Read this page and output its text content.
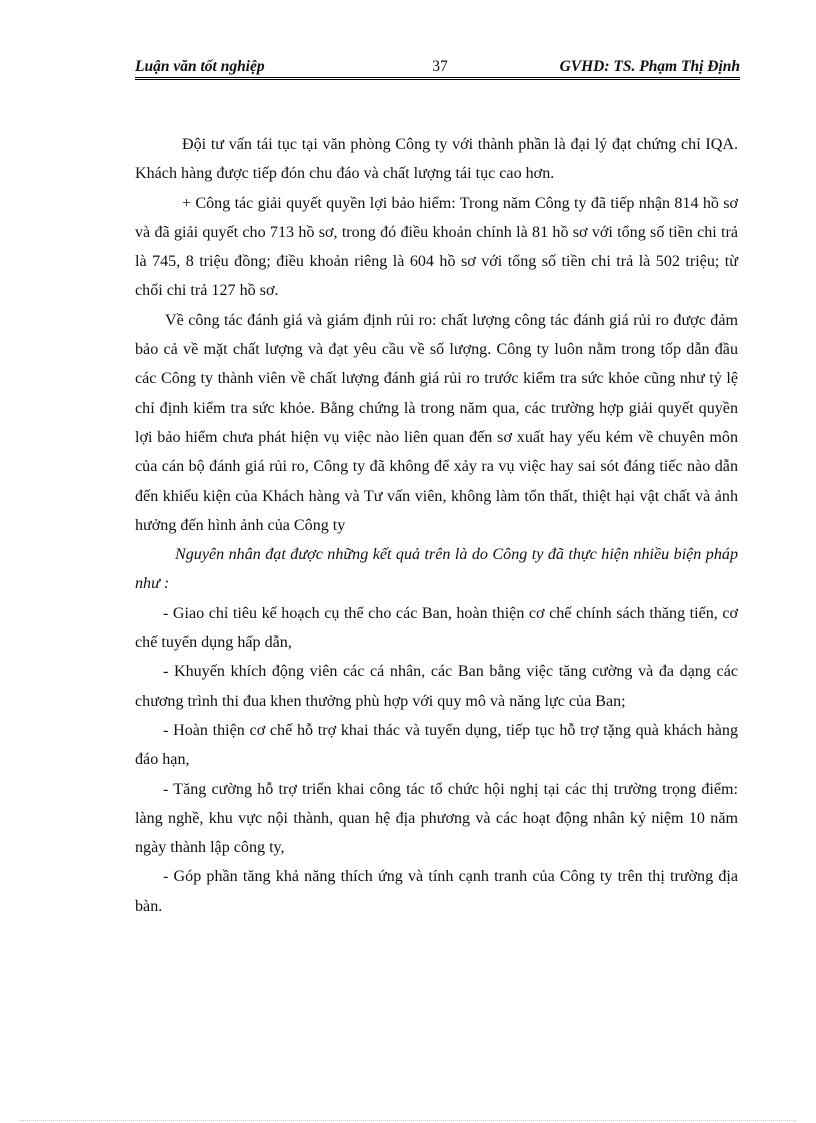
Luận văn tốt nghiệp	37	GVHD: TS. Phạm Thị Định

Đội tư vấn tái tục tại văn phòng Công ty với thành phần là đại lý đạt chứng chỉ IQA. Khách hàng được tiếp đón chu đáo và chất lượng tái tục cao hơn.

+ Công tác giải quyết quyền lợi bảo hiểm: Trong năm Công ty đã tiếp nhận 814 hồ sơ và đã giải quyết cho 713 hồ sơ, trong đó điều khoản chính là 81 hồ sơ với tổng số tiền chi trả là 745, 8 triệu đồng; điều khoản riêng là 604 hồ sơ với tổng số tiền chi trả là 502 triệu; từ chối chi trả 127 hồ sơ.

Về công tác đánh giá và giám định rủi ro: chất lượng công tác đánh giá rủi ro được đảm bảo cả về mặt chất lượng và đạt yêu cầu về số lượng. Công ty luôn nằm trong tốp dẫn đầu các Công ty thành viên về chất lượng đánh giá rủi ro trước kiểm tra sức khỏe cũng như tỷ lệ chỉ định kiểm tra sức khỏe. Bằng chứng là trong năm qua, các trường hợp giải quyết quyền lợi bảo hiểm chưa phát hiện vụ việc nào liên quan đến sơ xuất hay yếu kém về chuyên môn của cán bộ đánh giá rủi ro, Công ty đã không để xảy ra vụ việc hay sai sót đáng tiếc nào dẫn đến khiếu kiện của Khách hàng và Tư vấn viên, không làm tổn thất, thiệt hại vật chất và ảnh hưởng đến hình ảnh của Công ty

Nguyên nhân đạt được những kết quả trên là do Công ty đã thực hiện nhiều biện pháp như :

- Giao chỉ tiêu kế hoạch cụ thể cho các Ban, hoàn thiện cơ chế chính sách thăng tiến, cơ chế tuyển dụng hấp dẫn,

- Khuyến khích động viên các cá nhân, các Ban bằng việc tăng cường và đa dạng các chương trình thi đua khen thưởng phù hợp với quy mô và năng lực của Ban;

- Hoàn thiện cơ chế hỗ trợ khai thác và tuyển dụng, tiếp tục hỗ trợ tặng quà khách hàng đáo hạn,

- Tăng cường hỗ trợ triển khai công tác tổ chức hội nghị tại các thị trường trọng điểm: làng nghề, khu vực nội thành, quan hệ địa phương và các hoạt động nhân kỷ niệm 10 năm ngày thành lập công ty,

- Góp phần tăng khả năng thích ứng và tính cạnh tranh của Công ty trên thị trường địa bàn.
